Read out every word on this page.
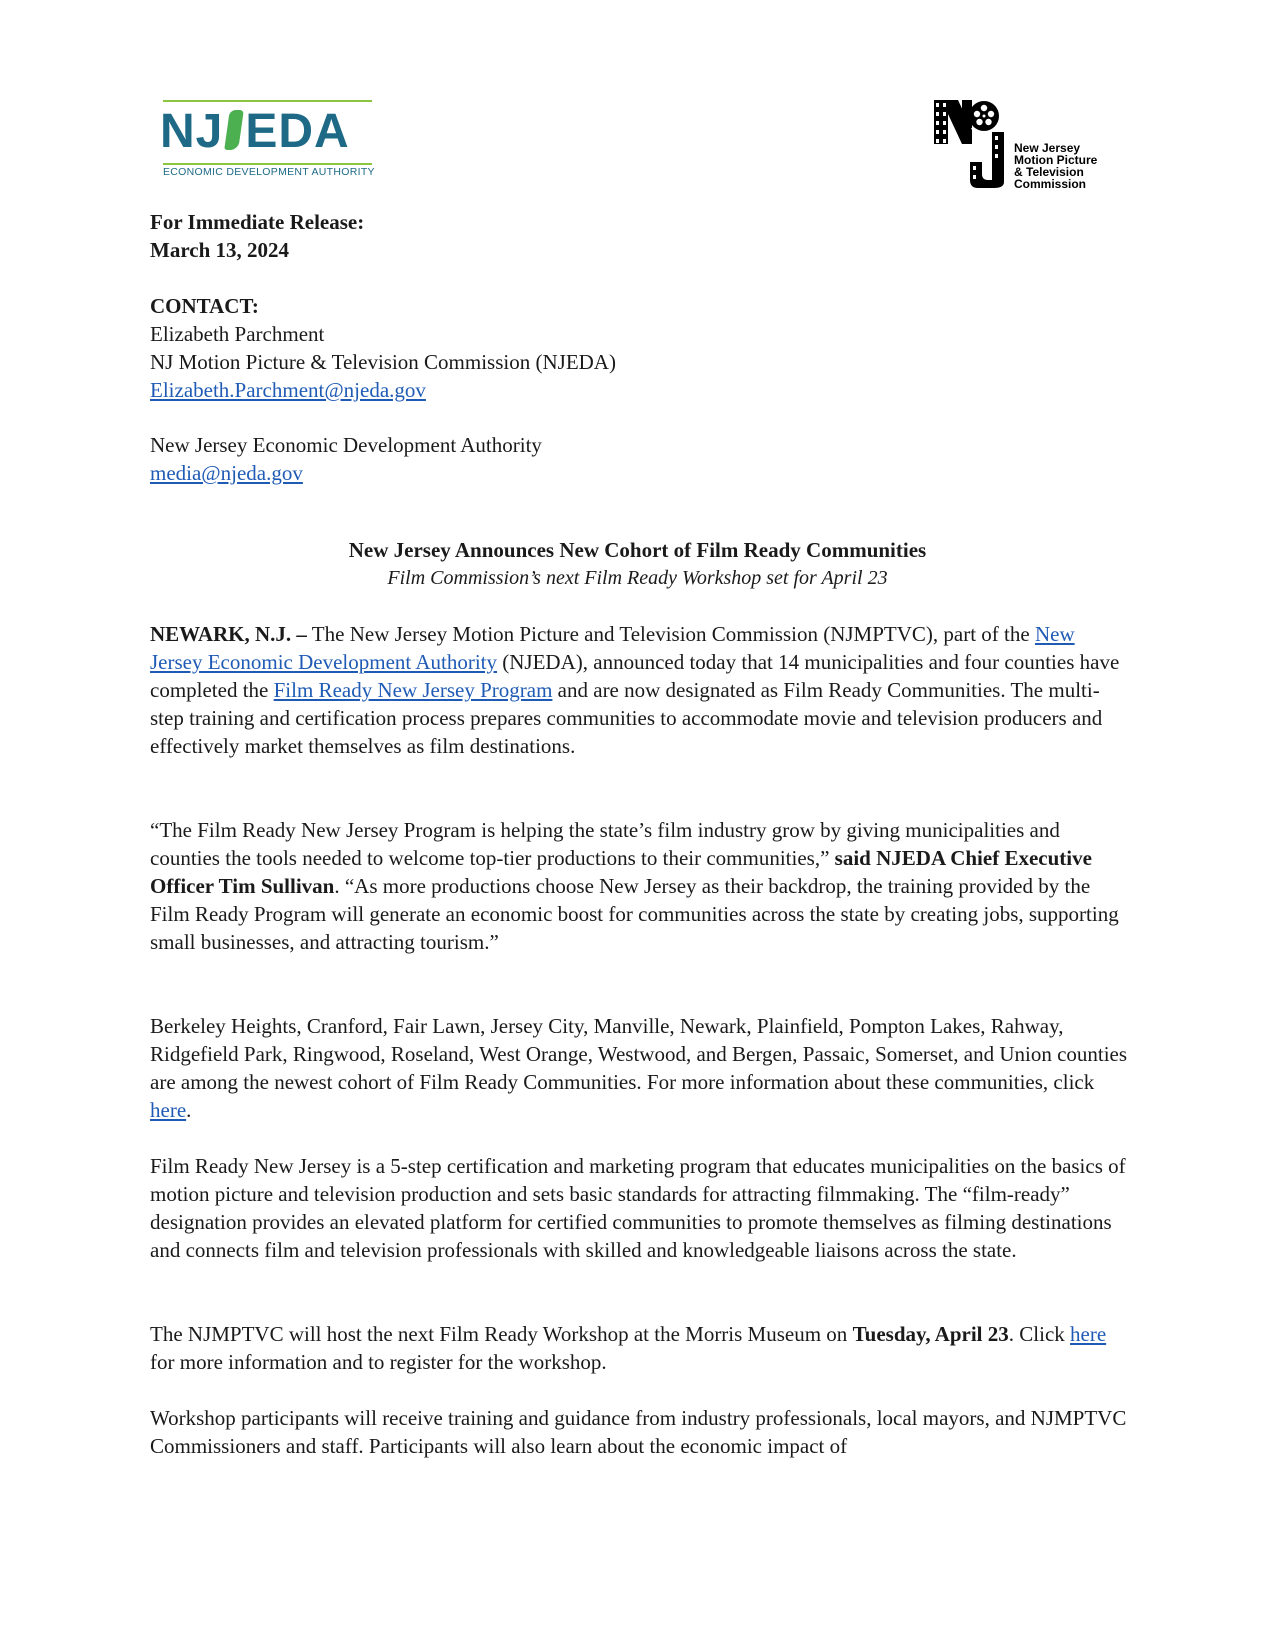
NJ EDA
ECONOMIC DEVELOPMENT AUTHORITY
New Jersey
Motion Picture
& Television
Commission
For Immediate Release:
March 13, 2024
CONTACT:
Elizabeth Parchment
NJ Motion Picture & Television Commission (NJEDA)
Elizabeth.Parchment@njeda.gov
New Jersey Economic Development Authority
media@njeda.gov
New Jersey Announces New Cohort of Film Ready Communities
Film Commission’s next Film Ready Workshop set for April 23

NEWARK, N.J. – The New Jersey Motion Picture and Television Commission (NJMPTVC), part of the New Jersey Economic Development Authority (NJEDA), announced today that 14 municipalities and four counties have completed the Film Ready New Jersey Program and are now designated as Film Ready Communities. The multi-step training and certification process prepares communities to accommodate movie and television producers and effectively market themselves as film destinations.

“The Film Ready New Jersey Program is helping the state’s film industry grow by giving municipalities and counties the tools needed to welcome top-tier productions to their communities,” said NJEDA Chief Executive Officer Tim Sullivan. “As more productions choose New Jersey as their backdrop, the training provided by the Film Ready Program will generate an economic boost for communities across the state by creating jobs, supporting small businesses, and attracting tourism.”

Berkeley Heights, Cranford, Fair Lawn, Jersey City, Manville, Newark, Plainfield, Pompton Lakes, Rahway, Ridgefield Park, Ringwood, Roseland, West Orange, Westwood, and Bergen, Passaic, Somerset, and Union counties are among the newest cohort of Film Ready Communities. For more information about these communities, click here.

Film Ready New Jersey is a 5-step certification and marketing program that educates municipalities on the basics of motion picture and television production and sets basic standards for attracting filmmaking. The “film-ready” designation provides an elevated platform for certified communities to promote themselves as filming destinations and connects film and television professionals with skilled and knowledgeable liaisons across the state.

The NJMPTVC will host the next Film Ready Workshop at the Morris Museum on Tuesday, April 23. Click here for more information and to register for the workshop.

Workshop participants will receive training and guidance from industry professionals, local mayors, and NJMPTVC Commissioners and staff. Participants will also learn about the economic impact of
